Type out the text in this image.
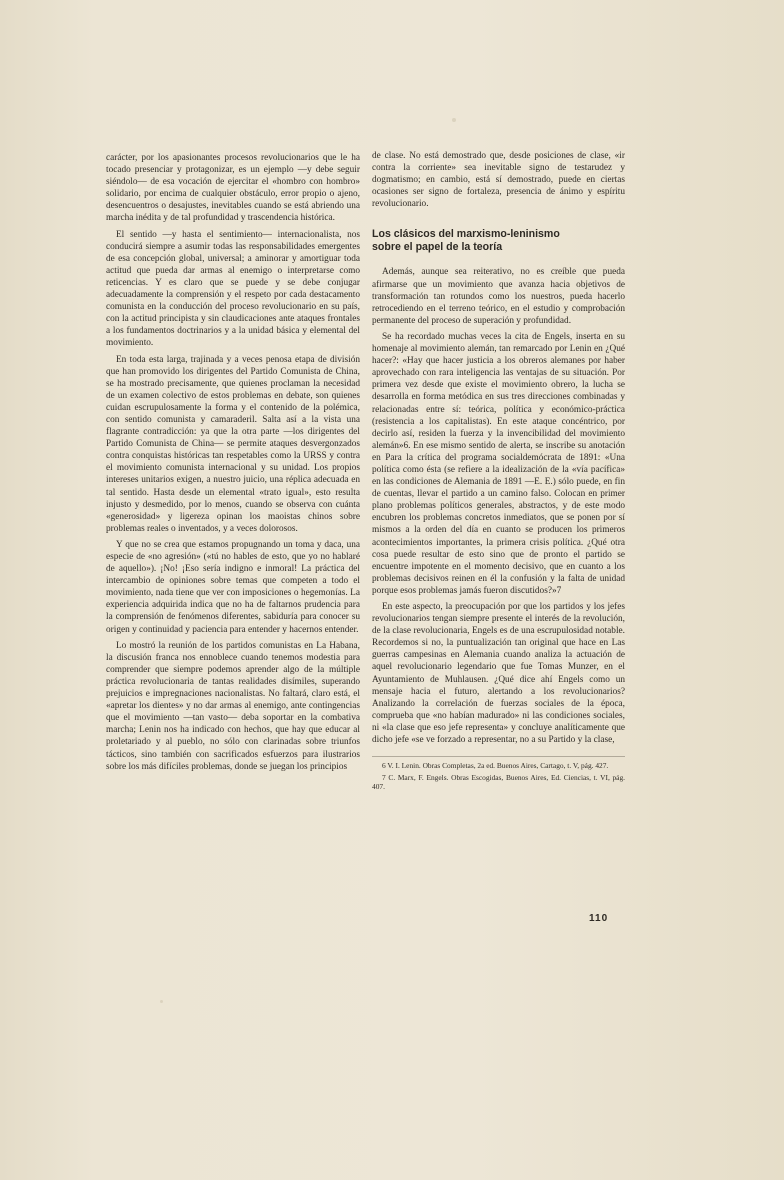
carácter, por los apasionantes procesos revolucionarios que le ha tocado presenciar y protagonizar, es un ejemplo —y debe seguir siéndolo— de esa vocación de ejercitar el «hombro con hombro» solidario, por encima de cualquier obstáculo, error propio o ajeno, desencuentros o desajustes, inevitables cuando se está abriendo una marcha inédita y de tal profundidad y trascendencia histórica.

El sentido —y hasta el sentimiento— internacionalista, nos conducirá siempre a asumir todas las responsabilidades emergentes de esa concepción global, universal; a aminorar y amortiguar toda actitud que pueda dar armas al enemigo o interpretarse como reticencias. Y es claro que se puede y se debe conjugar adecuadamente la comprensión y el respeto por cada destacamento comunista en la conducción del proceso revolucionario en su país, con la actitud principista y sin claudicaciones ante ataques frontales a los fundamentos doctrinarios y a la unidad básica y elemental del movimiento.

En toda esta larga, trajinada y a veces penosa etapa de división que han promovido los dirigentes del Partido Comunista de China, se ha mostrado precisamente, que quienes proclaman la necesidad de un examen colectivo de estos problemas en debate, son quienes cuidan escrupulosamente la forma y el contenido de la polémica, con sentido comunista y camaraderil. Salta así a la vista una flagrante contradicción: ya que la otra parte —los dirigentes del Partido Comunista de China— se permite ataques desvergonzados contra conquistas históricas tan respetables como la URSS y contra el movimiento comunista internacional y su unidad. Los propios intereses unitarios exigen, a nuestro juicio, una réplica adecuada en tal sentido. Hasta desde un elemental «trato igual», esto resulta injusto y desmedido, por lo menos, cuando se observa con cuánta «generosidad» y ligereza opinan los maoistas chinos sobre problemas reales o inventados, y a veces dolorosos.

Y que no se crea que estamos propugnando un toma y daca, una especie de «no agresión» («tú no hables de esto, que yo no hablaré de aquello»). ¡No! ¡Eso sería indigno e inmoral! La práctica del intercambio de opiniones sobre temas que competen a todo el movimiento, nada tiene que ver con imposiciones o hegemonías. La experiencia adquirida indica que no ha de faltarnos prudencia para la comprensión de fenómenos diferentes, sabiduría para conocer su origen y continuidad y paciencia para entender y hacernos entender.

Lo mostró la reunión de los partidos comunistas en La Habana, la discusión franca nos ennoblece cuando tenemos modestia para comprender que siempre podemos aprender algo de la múltiple práctica revolucionaria de tantas realidades disímiles, superando prejuicios e impregnaciones nacionalistas. No faltará, claro está, el «apretar los dientes» y no dar armas al enemigo, ante contingencias que el movimiento —tan vasto— deba soportar en la combativa marcha; Lenin nos ha indicado con hechos, que hay que educar al proletariado y al pueblo, no sólo con clarinadas sobre triunfos tácticos, sino también con sacrificados esfuerzos para ilustrarios sobre los más difíciles problemas, donde se juegan los principios

de clase. No está demostrado que, desde posiciones de clase, «ir contra la corriente» sea inevitable signo de testarudez y dogmatismo; en cambio, está sí demostrado, puede en ciertas ocasiones ser signo de fortaleza, presencia de ánimo y espíritu revolucionario.

Los clásicos del marxismo-leninismo
sobre el papel de la teoría

Además, aunque sea reiterativo, no es creíble que pueda afirmarse que un movimiento que avanza hacia objetivos de transformación tan rotundos como los nuestros, pueda hacerlo retrocediendo en el terreno teórico, en el estudio y comprobación permanente del proceso de superación y profundidad.

Se ha recordado muchas veces la cita de Engels, inserta en su homenaje al movimiento alemán, tan remarcado por Lenin en ¿Qué hacer?: «Hay que hacer justicia a los obreros alemanes por haber aprovechado con rara inteligencia las ventajas de su situación. Por primera vez desde que existe el movimiento obrero, la lucha se desarrolla en forma metódica en sus tres direcciones combinadas y relacionadas entre sí: teórica, política y económico-práctica (resistencia a los capitalistas). En este ataque concéntrico, por decirlo así, residen la fuerza y la invencibilidad del movimiento alemán»6. En ese mismo sentido de alerta, se inscribe su anotación en Para la crítica del programa socialdemócrata de 1891: «Una política como ésta (se refiere a la idealización de la «vía pacífica» en las condiciones de Alemania de 1891 —E. E.) sólo puede, en fin de cuentas, llevar el partido a un camino falso. Colocan en primer plano problemas políticos generales, abstractos, y de este modo encubren los problemas concretos inmediatos, que se ponen por sí mismos a la orden del día en cuanto se producen los primeros acontecimientos importantes, la primera crisis política. ¿Qué otra cosa puede resultar de esto sino que de pronto el partido se encuentre impotente en el momento decisivo, que en cuanto a los problemas decisivos reinen en él la confusión y la falta de unidad porque esos problemas jamás fueron discutidos?»7

En este aspecto, la preocupación por que los partidos y los jefes revolucionarios tengan siempre presente el interés de la revolución, de la clase revolucionaria, Engels es de una escrupulosidad notable. Recordemos si no, la puntualización tan original que hace en Las guerras campesinas en Alemania cuando analiza la actuación de aquel revolucionario legendario que fue Tomas Munzer, en el Ayuntamiento de Muhlausen. ¿Qué dice ahí Engels como un mensaje hacia el futuro, alertando a los revolucionarios? Analizando la correlación de fuerzas sociales de la época, comprueba que «no habían madurado» ni las condiciones sociales, ni «la clase que eso jefe representa» y concluye analíticamente que dicho jefe «se ve forzado a representar, no a su Partido y la clase,

6 V. I. Lenin. Obras Completas, 2a ed. Buenos Aires, Cartago, t. V, pág. 427.

7 C. Marx, F. Engels. Obras Escogidas, Buenos Aires, Ed. Ciencias, t. VI, pág. 407.

110
